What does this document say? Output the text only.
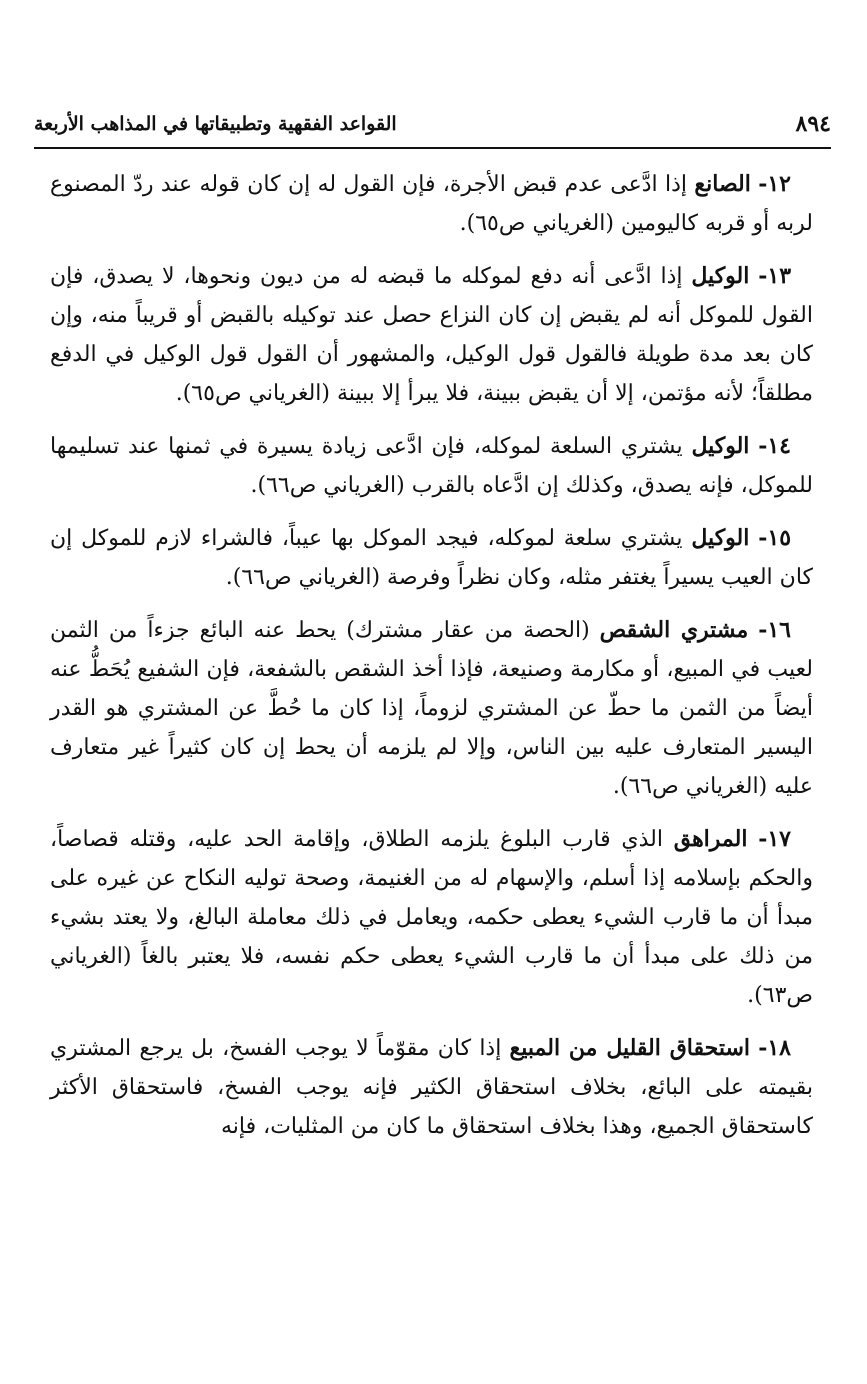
القواعد الفقهية وتطبيقاتها في المذاهب الأربعة	٨٩٤

١٢- الصانع إذا ادَّعى عدم قبض الأجرة، فإن القول له إن كان قوله عند ردّ المصنوع لربه أو قربه كاليومين (الغرياني ص٦٥).

١٣- الوكيل إذا ادَّعى أنه دفع لموكله ما قبضه له من ديون ونحوها، لا يصدق، فإن القول للموكل أنه لم يقبض إن كان النزاع حصل عند توكيله بالقبض أو قريباً منه، وإن كان بعد مدة طويلة فالقول قول الوكيل، والمشهور أن القول قول الوكيل في الدفع مطلقاً؛ لأنه مؤتمن، إلا أن يقبض ببينة، فلا يبرأ إلا ببينة (الغرياني ص٦٥).

١٤- الوكيل يشتري السلعة لموكله، فإن ادَّعى زيادة يسيرة في ثمنها عند تسليمها للموكل، فإنه يصدق، وكذلك إن ادَّعاه بالقرب (الغرياني ص٦٦).

١٥- الوكيل يشتري سلعة لموكله، فيجد الموكل بها عيباً، فالشراء لازم للموكل إن كان العيب يسيراً يغتفر مثله، وكان نظراً وفرصة (الغرياني ص٦٦).

١٦- مشتري الشقص (الحصة من عقار مشترك) يحط عنه البائع جزءاً من الثمن لعيب في المبيع، أو مكارمة وصنيعة، فإذا أخذ الشقص بالشفعة، فإن الشفيع يُحَطُّ عنه أيضاً من الثمن ما حطّ عن المشتري لزوماً، إذا كان ما حُطَّ عن المشتري هو القدر اليسير المتعارف عليه بين الناس، وإلا لم يلزمه أن يحط إن كان كثيراً غير متعارف عليه (الغرياني ص٦٦).

١٧- المراهق الذي قارب البلوغ يلزمه الطلاق، وإقامة الحد عليه، وقتله قصاصاً، والحكم بإسلامه إذا أسلم، والإسهام له من الغنيمة، وصحة توليه النكاح عن غيره على مبدأ أن ما قارب الشيء يعطى حكمه، ويعامل في ذلك معاملة البالغ، ولا يعتد بشيء من ذلك على مبدأ أن ما قارب الشيء يعطى حكم نفسه، فلا يعتبر بالغاً (الغرياني ص٦٣).

١٨- استحقاق القليل من المبيع إذا كان مقوّماً لا يوجب الفسخ، بل يرجع المشتري بقيمته على البائع، بخلاف استحقاق الكثير فإنه يوجب الفسخ، فاستحقاق الأكثر كاستحقاق الجميع، وهذا بخلاف استحقاق ما كان من المثليات، فإنه
